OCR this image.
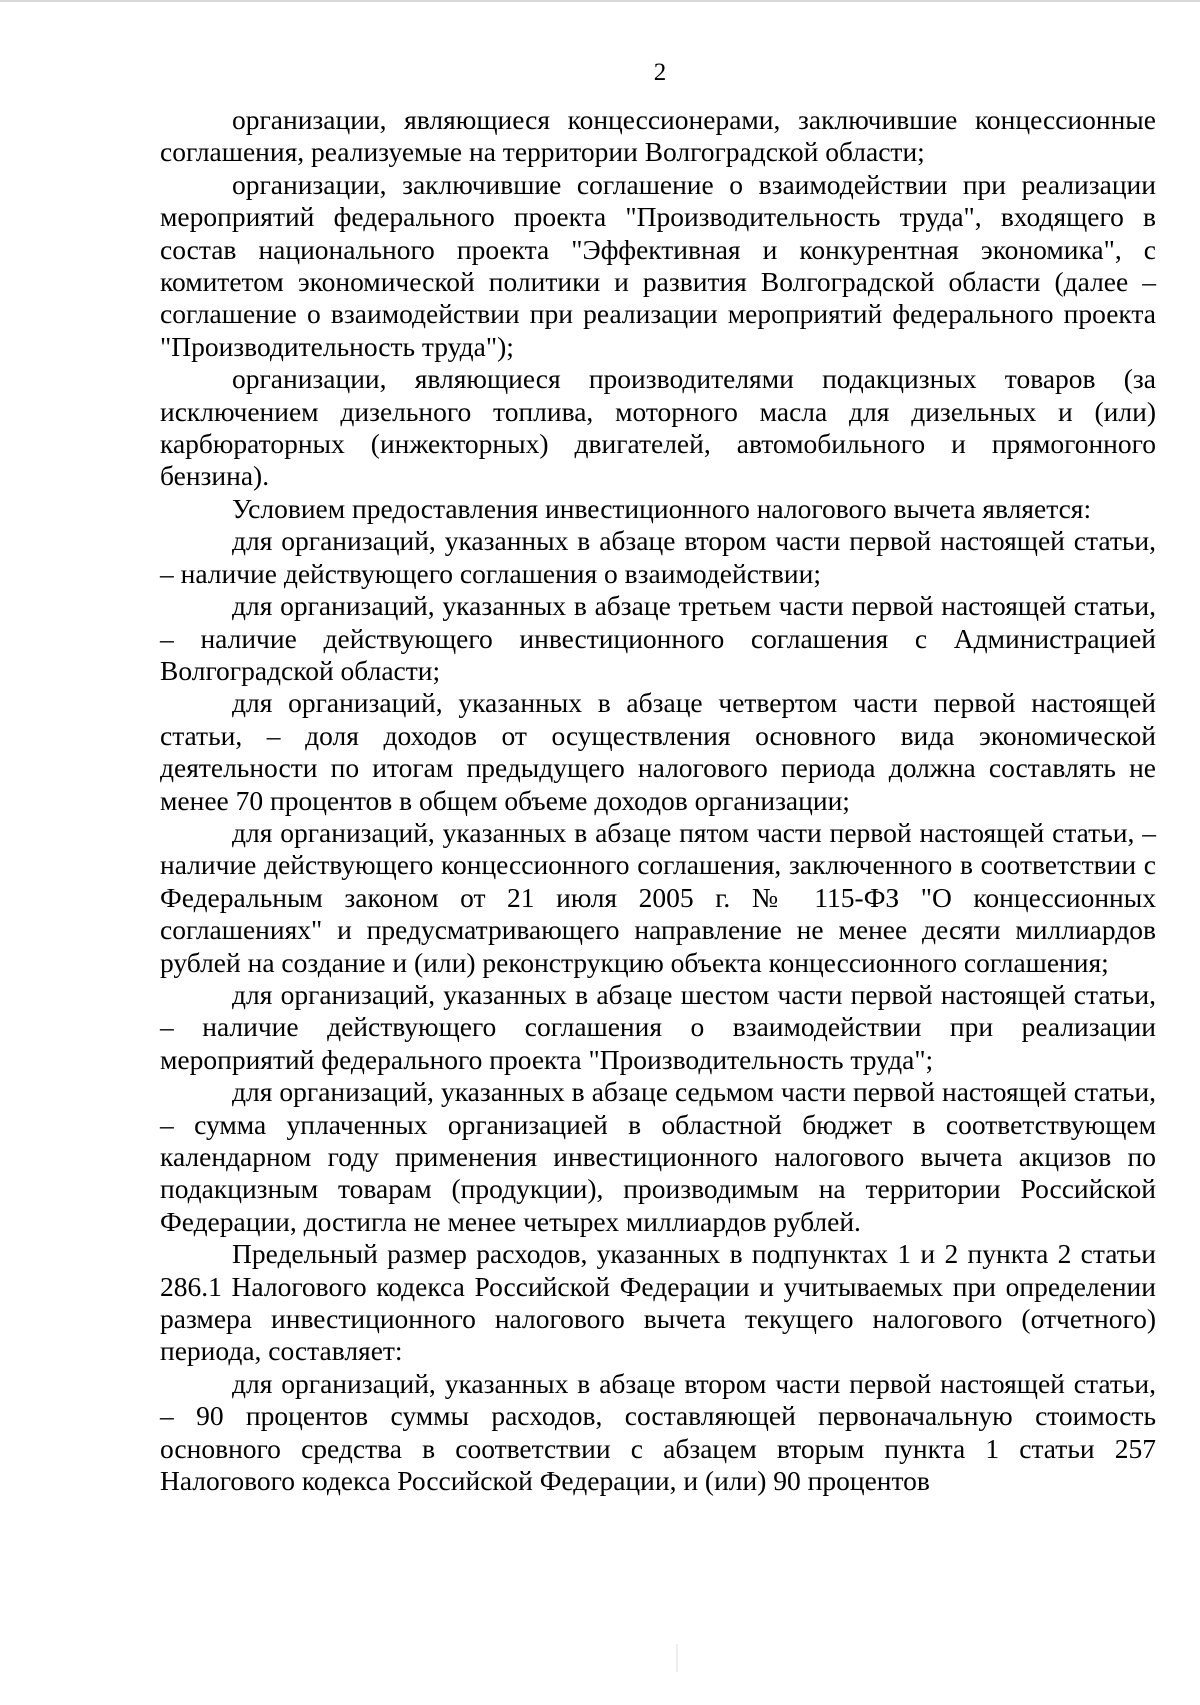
2

организации, являющиеся концессионерами, заключившие концессионные соглашения, реализуемые на территории Волгоградской области;

организации, заключившие соглашение о взаимодействии при реализации мероприятий федерального проекта "Производительность труда", входящего в состав национального проекта "Эффективная и конкурентная экономика", с комитетом экономической политики и развития Волгоградской области (далее – соглашение о взаимодействии при реализации мероприятий федерального проекта "Производительность труда");

организации, являющиеся производителями подакцизных товаров (за исключением дизельного топлива, моторного масла для дизельных и (или) карбюраторных (инжекторных) двигателей, автомобильного и прямогонного бензина).

Условием предоставления инвестиционного налогового вычета является:

для организаций, указанных в абзаце втором части первой настоящей статьи, – наличие действующего соглашения о взаимодействии;

для организаций, указанных в абзаце третьем части первой настоящей статьи, – наличие действующего инвестиционного соглашения с Администрацией Волгоградской области;

для организаций, указанных в абзаце четвертом части первой настоящей статьи, – доля доходов от осуществления основного вида экономической деятельности по итогам предыдущего налогового периода должна составлять не менее 70 процентов в общем объеме доходов организации;

для организаций, указанных в абзаце пятом части первой настоящей статьи, – наличие действующего концессионного соглашения, заключенного в соответствии с Федеральным законом от 21 июля 2005 г. № 115-ФЗ "О концессионных соглашениях" и предусматривающего направление не менее десяти миллиардов рублей на создание и (или) реконструкцию объекта концессионного соглашения;

для организаций, указанных в абзаце шестом части первой настоящей статьи, – наличие действующего соглашения о взаимодействии при реализации мероприятий федерального проекта "Производительность труда";

для организаций, указанных в абзаце седьмом части первой настоящей статьи, – сумма уплаченных организацией в областной бюджет в соответствующем календарном году применения инвестиционного налогового вычета акцизов по подакцизным товарам (продукции), производимым на территории Российской Федерации, достигла не менее четырех миллиардов рублей.

Предельный размер расходов, указанных в подпунктах 1 и 2 пункта 2 статьи 286.1 Налогового кодекса Российской Федерации и учитываемых при определении размера инвестиционного налогового вычета текущего налогового (отчетного) периода, составляет:

для организаций, указанных в абзаце втором части первой настоящей статьи, – 90 процентов суммы расходов, составляющей первоначальную стоимость основного средства в соответствии с абзацем вторым пункта 1 статьи 257 Налогового кодекса Российской Федерации, и (или) 90 процентов
